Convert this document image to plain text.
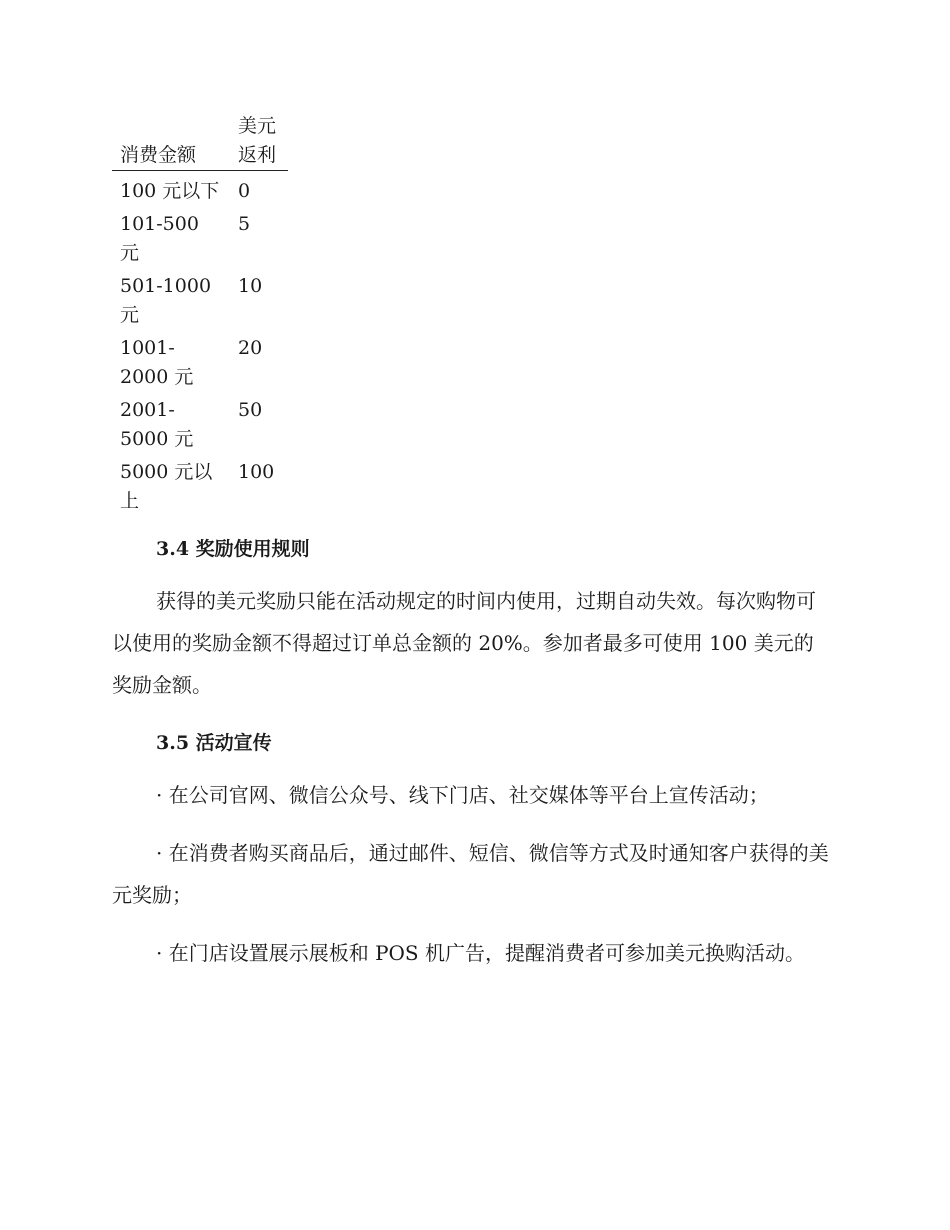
消费金额	美元返利
100 元以下	0
101-500 元	5
501-1000 元	10
1001-2000 元	20
2001-5000 元	50
5000 元以上	100
3.4 奖励使用规则

获得的美元奖励只能在活动规定的时间内使用，过期自动失效。每次购物可以使用的奖励金额不得超过订单总金额的 20%。参加者最多可使用 100 美元的奖励金额。

3.5 活动宣传

· 在公司官网、微信公众号、线下门店、社交媒体等平台上宣传活动；

· 在消费者购买商品后，通过邮件、短信、微信等方式及时通知客户获得的美元奖励；

· 在门店设置展示展板和 POS 机广告，提醒消费者可参加美元换购活动。
